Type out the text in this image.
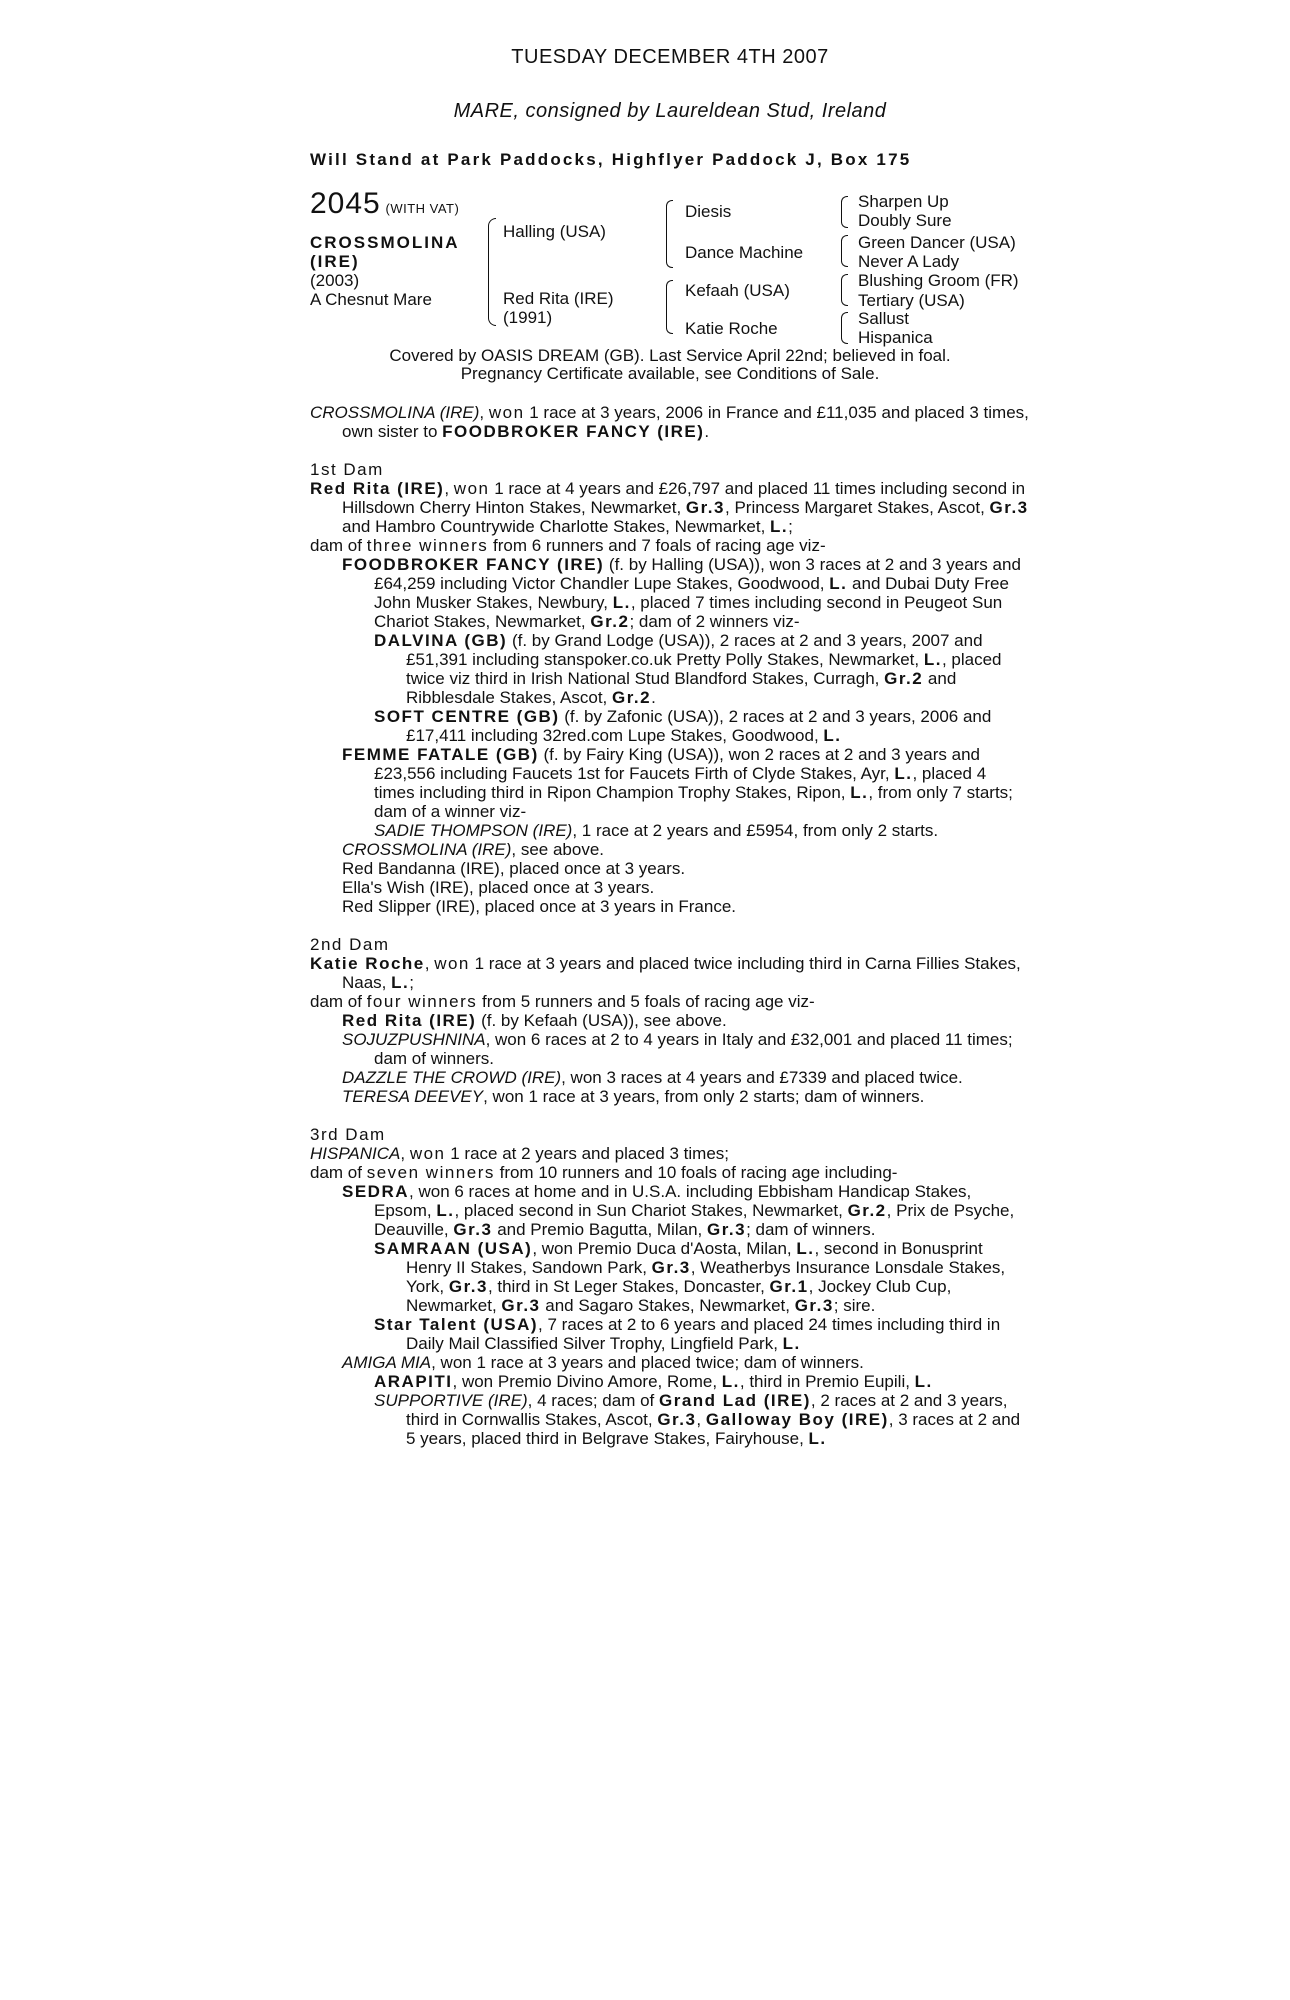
TUESDAY DECEMBER 4TH 2007
MARE, consigned by Laureldean Stud, Ireland
Will Stand at Park Paddocks, Highflyer Paddock J, Box 175
2045 (WITH VAT)
CROSSMOLINA
(IRE)
(2003)
A Chesnut Mare
Halling (USA)
Red Rita (IRE)
(1991)
Diesis
Dance Machine
Kefaah (USA)
Katie Roche
Sharpen Up
Doubly Sure
Green Dancer (USA)
Never A Lady
Blushing Groom (FR)
Tertiary (USA)
Sallust
Hispanica
Covered by OASIS DREAM (GB). Last Service April 22nd; believed in foal.
Pregnancy Certificate available, see Conditions of Sale.

CROSSMOLINA (IRE), won 1 race at 3 years, 2006 in France and £11,035 and placed 3 times, own sister to FOODBROKER FANCY (IRE).

1st Dam

Red Rita (IRE), won 1 race at 4 years and £26,797 and placed 11 times including second in Hillsdown Cherry Hinton Stakes, Newmarket, Gr.3, Princess Margaret Stakes, Ascot, Gr.3 and Hambro Countrywide Charlotte Stakes, Newmarket, L.;

dam of three winners from 6 runners and 7 foals of racing age viz-

FOODBROKER FANCY (IRE) (f. by Halling (USA)), won 3 races at 2 and 3 years and £64,259 including Victor Chandler Lupe Stakes, Goodwood, L. and Dubai Duty Free John Musker Stakes, Newbury, L., placed 7 times including second in Peugeot Sun Chariot Stakes, Newmarket, Gr.2; dam of 2 winners viz-

DALVINA (GB) (f. by Grand Lodge (USA)), 2 races at 2 and 3 years, 2007 and £51,391 including stanspoker.co.uk Pretty Polly Stakes, Newmarket, L., placed twice viz third in Irish National Stud Blandford Stakes, Curragh, Gr.2 and Ribblesdale Stakes, Ascot, Gr.2.

SOFT CENTRE (GB) (f. by Zafonic (USA)), 2 races at 2 and 3 years, 2006 and £17,411 including 32red.com Lupe Stakes, Goodwood, L.

FEMME FATALE (GB) (f. by Fairy King (USA)), won 2 races at 2 and 3 years and £23,556 including Faucets 1st for Faucets Firth of Clyde Stakes, Ayr, L., placed 4 times including third in Ripon Champion Trophy Stakes, Ripon, L., from only 7 starts; dam of a winner viz-

SADIE THOMPSON (IRE), 1 race at 2 years and £5954, from only 2 starts.

CROSSMOLINA (IRE), see above.

Red Bandanna (IRE), placed once at 3 years.

Ella's Wish (IRE), placed once at 3 years.

Red Slipper (IRE), placed once at 3 years in France.

2nd Dam

Katie Roche, won 1 race at 3 years and placed twice including third in Carna Fillies Stakes, Naas, L.;

dam of four winners from 5 runners and 5 foals of racing age viz-

Red Rita (IRE) (f. by Kefaah (USA)), see above.

SOJUZPUSHNINA, won 6 races at 2 to 4 years in Italy and £32,001 and placed 11 times; dam of winners.

DAZZLE THE CROWD (IRE), won 3 races at 4 years and £7339 and placed twice.

TERESA DEEVEY, won 1 race at 3 years, from only 2 starts; dam of winners.

3rd Dam

HISPANICA, won 1 race at 2 years and placed 3 times;

dam of seven winners from 10 runners and 10 foals of racing age including-

SEDRA, won 6 races at home and in U.S.A. including Ebbisham Handicap Stakes, Epsom, L., placed second in Sun Chariot Stakes, Newmarket, Gr.2, Prix de Psyche, Deauville, Gr.3 and Premio Bagutta, Milan, Gr.3; dam of winners.

SAMRAAN (USA), won Premio Duca d'Aosta, Milan, L., second in Bonusprint Henry II Stakes, Sandown Park, Gr.3, Weatherbys Insurance Lonsdale Stakes, York, Gr.3, third in St Leger Stakes, Doncaster, Gr.1, Jockey Club Cup, Newmarket, Gr.3 and Sagaro Stakes, Newmarket, Gr.3; sire.

Star Talent (USA), 7 races at 2 to 6 years and placed 24 times including third in Daily Mail Classified Silver Trophy, Lingfield Park, L.

AMIGA MIA, won 1 race at 3 years and placed twice; dam of winners.

ARAPITI, won Premio Divino Amore, Rome, L., third in Premio Eupili, L.

SUPPORTIVE (IRE), 4 races; dam of Grand Lad (IRE), 2 races at 2 and 3 years, third in Cornwallis Stakes, Ascot, Gr.3, Galloway Boy (IRE), 3 races at 2 and 5 years, placed third in Belgrave Stakes, Fairyhouse, L.
